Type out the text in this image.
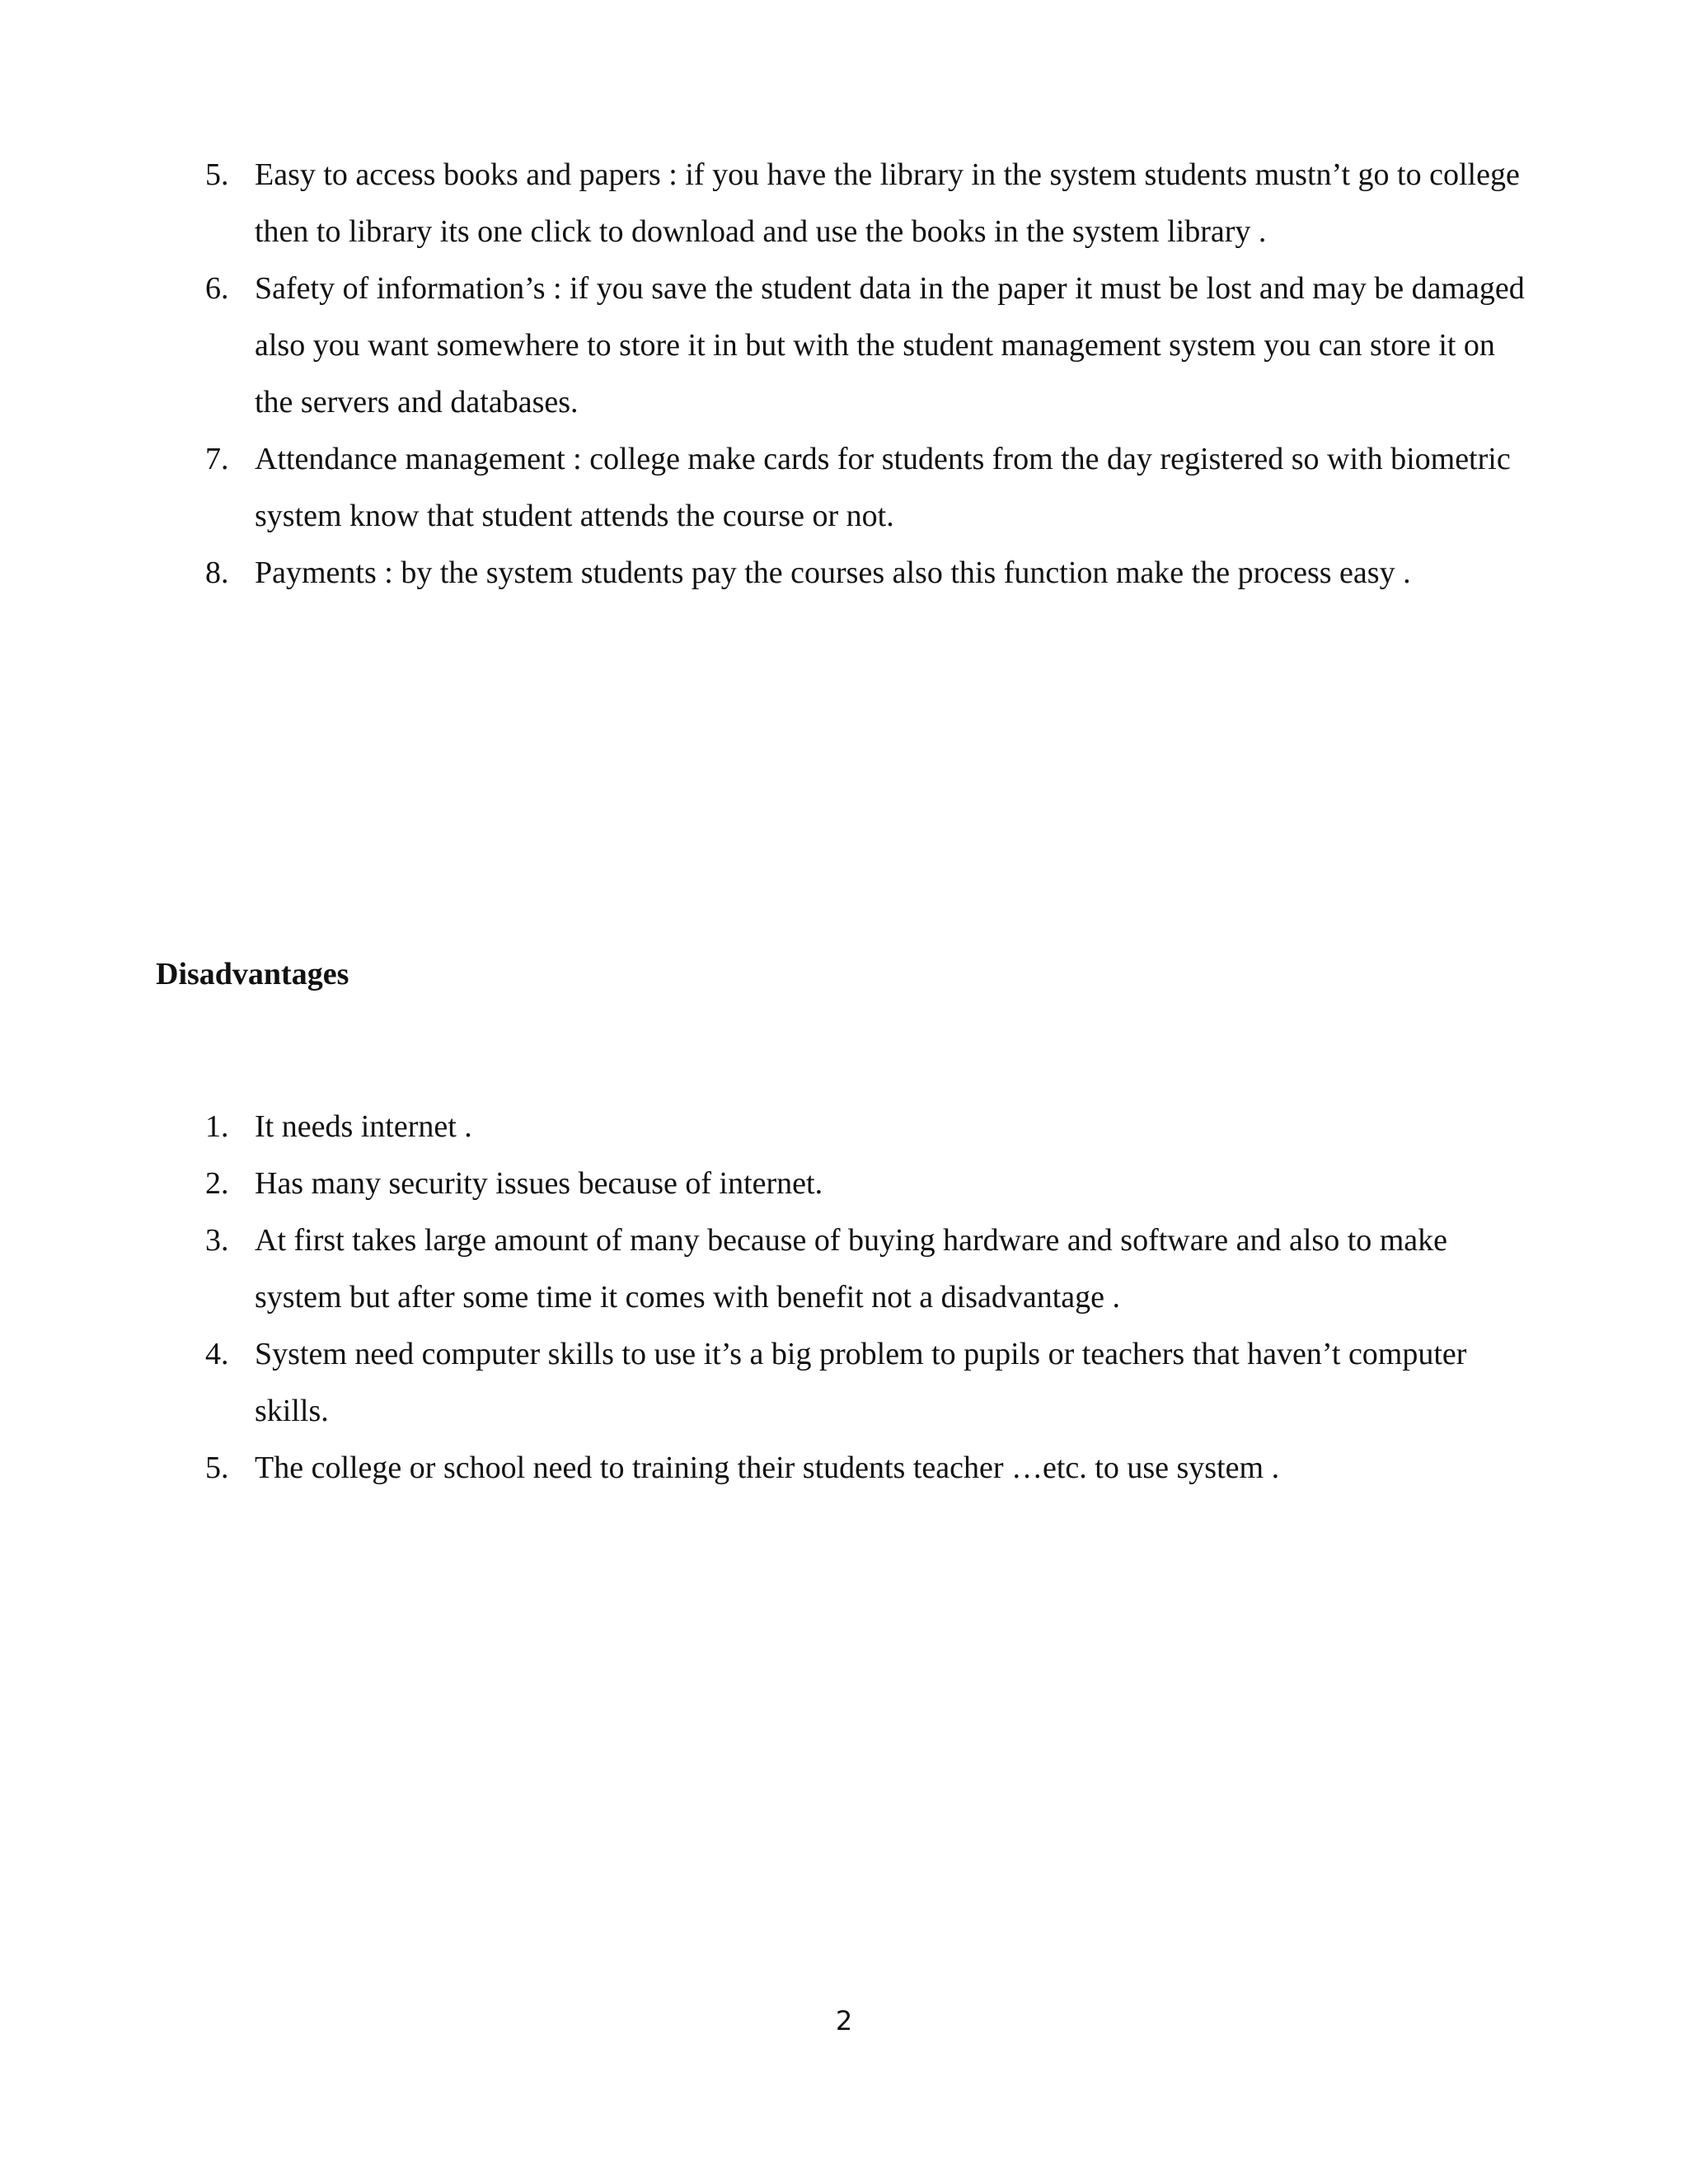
5. Easy to access books and papers : if you have the library in the system students mustn’t go to college then to library its one click to download and use the books in the system library .
6. Safety of information’s : if you save the student data in the paper it must be lost and may be damaged also you want somewhere to store it in but with the student management system you can store it on the servers and databases.
7. Attendance management : college make cards for students from the day registered so with biometric system know that student attends the course or not.
8. Payments : by the system students pay the courses also this function make the process easy .
Disadvantages
1. It needs internet .
2. Has many security issues because of internet.
3. At first takes large amount of many because of buying hardware and software and also to make system but after some time it comes with benefit not a disadvantage .
4. System need computer skills to use it’s a big problem to pupils or teachers that haven’t computer skills.
5. The college or school need to training their students teacher …etc. to use system .
2
